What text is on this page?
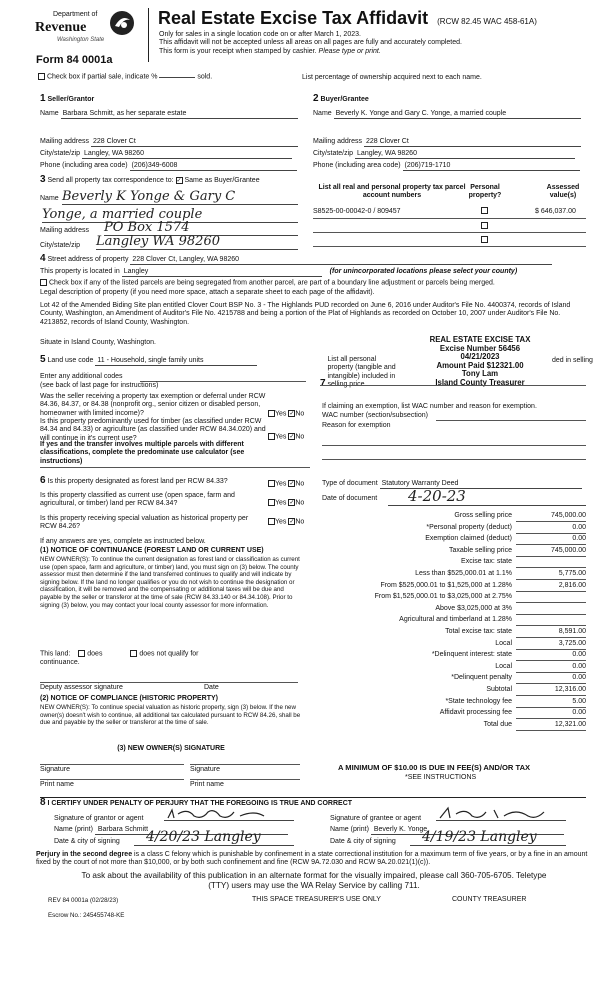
Department of
Revenue
Washington State
Form 84 0001a
Real Estate Excise Tax Affidavit (RCW 82.45 WAC 458-61A)
Only for sales in a single location code on or after March 1, 2023.
This affidavit will not be accepted unless all areas on all pages are fully and accurately completed.
This form is your receipt when stamped by cashier. Please type or print.
Check box if partial sale, indicate %	sold.	List percentage of ownership acquired next to each name.
1 Seller/Grantor
Name Barbara Schmitt, as her separate estate
Mailing address 228 Clover Ct
City/state/zip Langley, WA 98260
Phone (including area code) (206)349-6008
2 Buyer/Grantee
Name Beverly K. Yonge and Gary C. Yonge, a married couple
Mailing address 228 Clover Ct
City/state/zip Langley, WA 98260
Phone (including area code) (206)719-1710
3 Send all property tax correspondence to: ✓ Same as Buyer/Grantee
Name Beverly K Yonge & Gary C
Yonge, a married couple
Mailing address PO Box 1574
City/state/zip Langley WA 98260
List all real and personal property tax parcel account numbers
Personal property?
Assessed value(s)
S8525-00-00042-0 / 809457	$ 646,037.00
4 Street address of property 228 Clover Ct, Langley, WA 98260
This property is located in Langley	(for unincorporated locations please select your county)
Check box if any of the listed parcels are being segregated from another parcel, are part of a boundary line adjustment or parcels being merged.
Legal description of property (if you need more space, attach a separate sheet to each page of the affidavit).
Lot 42 of the Amended Biding Site plan entitled Clover Court BSP No. 3 - The Highlands PUD recorded on June 6, 2016 under Auditor's File No. 4400374, records of Island County, Washington, an Amendment of Auditor's File No. 4215788 and being a portion of the Plat of Highlands as recorded on October 10, 2007 under Auditor's File No. 4213852, records of Island County, Washington.
Situate in Island County, Washington.	REAL ESTATE EXCISE TAX
Excise Number 56456
04/21/2023
Amount Paid $12321.00
Tony Lam
Island County Treasurer
5 Land use code 11 - Household, single family units
Enter any additional codes
(see back of last page for instructions)
Was the seller receiving a property tax exemption or deferral under RCW 84.36, 84.37, or 84.38 (nonprofit org., senior citizen or disabled person, homeowner with limited income)?	Yes ✓No
Is this property predominantly used for timber (as classified under RCW 84.34 and 84.33) or agriculture (as classified under RCW 84.34.020) and will continue in it's current use?
If yes and the transfer involves multiple parcels with different classifications, complete the predominate use calculator (see instructions)
Yes ✓No
7 List all personal property (tangible and intangible) included in selling price.
ded in selling
If claiming an exemption, list WAC number and reason for exemption.
WAC number (section/subsection)
Reason for exemption
6 Is this property designated as forest land per RCW 84.33?	Yes ✓No
Is this property classified as current use (open space, farm and agricultural, or timber) land per RCW 84.34?	Yes ✓No
Is this property receiving special valuation as historical property per RCW 84.26?
Yes ✓No
If any answers are yes, complete as instructed below.
(1) NOTICE OF CONTINUANCE (FOREST LAND OR CURRENT USE)
NEW OWNER(S): To continue the current designation as forest land or classification as current use (open space, farm and agriculture, or timber) land, you must sign on (3) below. The county assessor must then determine if the land transferred continues to qualify and will indicate by signing below. If the land no longer qualifies or you do not wish to continue the designation or classification, it will be removed and the compensating or additional taxes will be due and payable by the seller or transferor at the time of sale (RCW 84.33.140 or 84.34.108). Prior to signing (3) below, you may contact your local county assessor for more information.
This land: does	does not qualify for
continuance.
Deputy assessor signature	Date
(2) NOTICE OF COMPLIANCE (HISTORIC PROPERTY)
NEW OWNER(S): To continue special valuation as historic property, sign (3) below. If the new owner(s) doesn't wish to continue, all additional tax calculated pursuant to RCW 84.26, shall be due and payable by the seller or transferor at the time of sale.
(3) NEW OWNER(S) SIGNATURE
Signature	Signature
Print name	Print name
Type of document Statutory Warranty Deed
Date of document	4-20-23
Gross selling price	745,000.00
*Personal property (deduct)	0.00
Exemption claimed (deduct)	0.00
Taxable selling price	745,000.00
Excise tax: state
Less than $525,000.01 at 1.1%	5,775.00
From $525,000.01 to $1,525,000 at 1.28%	2,816.00
From $1,525,000.01 to $3,025,000 at 2.75%
Above $3,025,000 at 3%
Agricultural and timberland at 1.28%
Total excise tax: state	8,591.00
Local	3,725.00
*Delinquent interest: state	0.00
Local	0.00
*Delinquent penalty	0.00
Subtotal	12,316.00
*State technology fee	5.00
Affidavit processing fee	0.00
Total due	12,321.00
A MINIMUM OF $10.00 IS DUE IN FEE(S) AND/OR TAX
*SEE INSTRUCTIONS
8 I CERTIFY UNDER PENALTY OF PERJURY THAT THE FOREGOING IS TRUE AND CORRECT
Signature of grantor or agent
Name (print) Barbara Schmitt
Date & city of signing	4/20/23 Langley
Signature of grantee or agent
Name (print) Beverly K. Yonge
Date & city of signing	4/19/23 Langley
Perjury in the second degree is a class C felony which is punishable by confinement in a state correctional institution for a maximum term of five years, or by a fine in an amount fixed by the court of not more than $10,000, or by both such confinement and fine (RCW 9A.72.030 and RCW 9A.20.021(1)(c)).
To ask about the availability of this publication in an alternate format for the visually impaired, please call 360-705-6705. Teletype
(TTY) users may use the WA Relay Service by calling 711.
REV 84 0001a (02/28/23)	THIS SPACE TREASURER'S USE ONLY	COUNTY TREASURER
Escrow No.: 245455748-KE
